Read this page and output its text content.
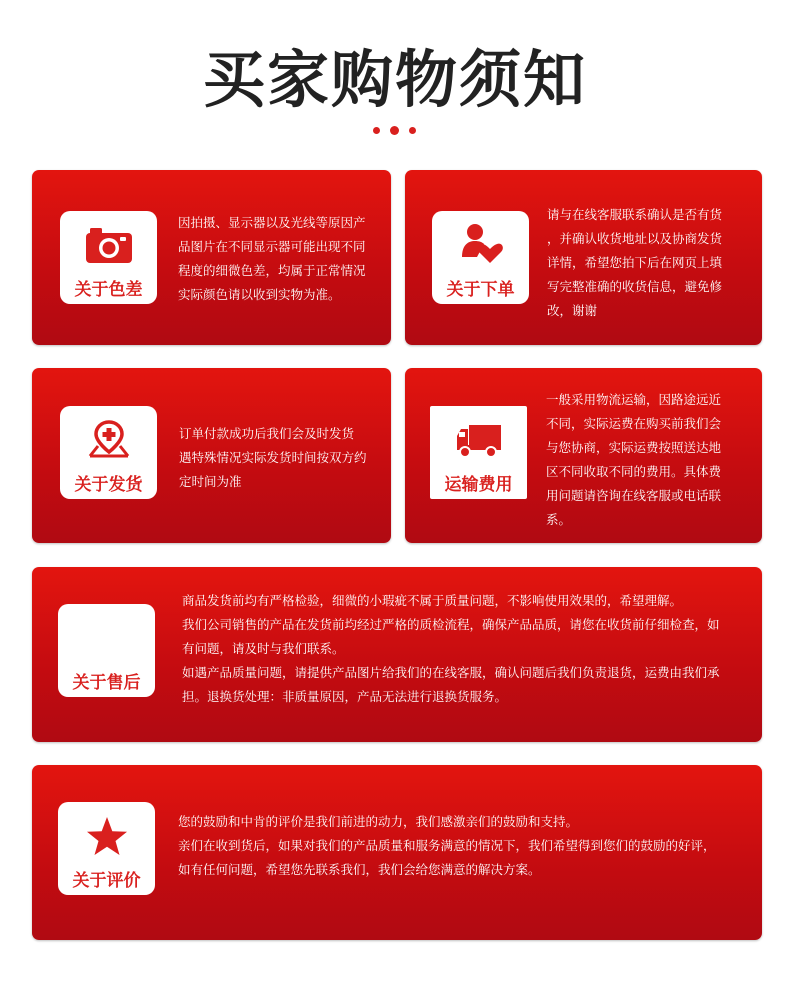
买家购物须知
关于色差

因拍摄、显示器以及光线等原因产

品图片在不同显示器可能出现不同

程度的细微色差，均属于正常情况

实际颜色请以收到实物为准。	关于下单

请与在线客服联系确认是否有货

，并确认收货地址以及协商发货

详情，希望您拍下后在网页上填

写完整准确的收货信息，避免修

改，谢谢

关于发货

订单付款成功后我们会及时发货

遇特殊情况实际发货时间按双方约

定时间为准	运输费用

一般采用物流运输，因路途远近

不同，实际运费在购买前我们会

与您协商，实际运费按照送达地

区不同收取不同的费用。具体费

用问题请咨询在线客服或电话联

系。

关于售后

商品发货前均有严格检验，细微的小瑕疵不属于质量问题，不影响使用效果的，希望理解。

我们公司销售的产品在发货前均经过严格的质检流程，确保产品品质，请您在收货前仔细检查，如

有问题，请及时与我们联系。

如遇产品质量问题，请提供产品图片给我们的在线客服，确认问题后我们负责退货，运费由我们承

担。退换货处理：非质量原因，产品无法进行退换货服务。

关于评价

您的鼓励和中肯的评价是我们前进的动力，我们感激亲们的鼓励和支持。

亲们在收到货后，如果对我们的产品质量和服务满意的情况下，我们希望得到您们的鼓励的好评，

如有任何问题，希望您先联系我们，我们会给您满意的解决方案。
